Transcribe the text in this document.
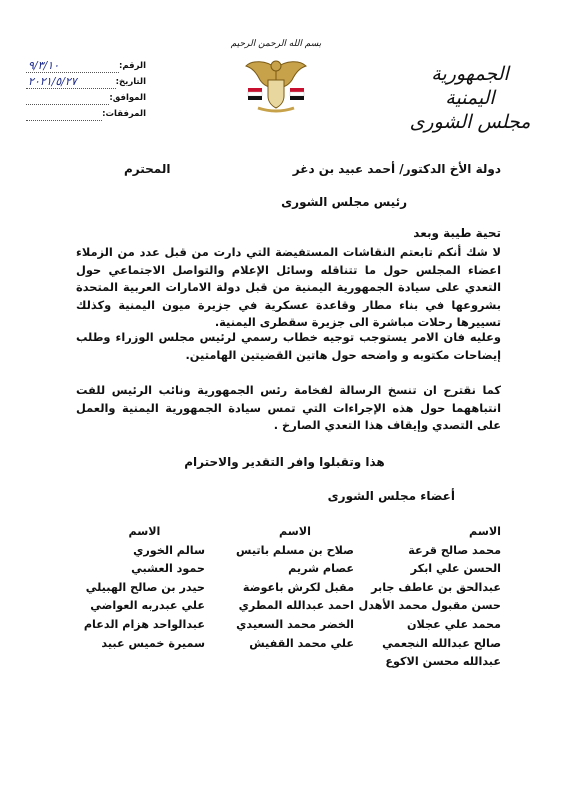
الجمهورية اليمنية
مجلس الشورى
بسم الله الرحمن الرحيم
الرقم:
٩/٣/١٠
التاريخ:
٢٠٢١/٥/٢٧
الموافق:
المرفقات:
دولة الأخ الدكتور/ أحمد عبيد بن دغر
المحترم
رئيس مجلس الشورى
تحية طيبة وبعد
لا شك أنكم تابعتم النقاشات المستفيضة التي دارت من قبل عدد من الزملاء اعضاء المجلس حول ما تتناقله وسائل الإعلام والتواصل الاجتماعي حول التعدي على سيادة الجمهورية اليمنية من قبل دولة الامارات العربية المتحدة بشروعها في بناء مطار وقاعدة عسكرية في جزيرة ميون اليمنية وكذلك تسييرها رحلات مباشرة الى جزيرة سقطرى اليمنية.
وعليه فان الامر يستوجب توجيه خطاب رسمي لرئيس مجلس الوزراء وطلب إيضاحات مكتوبه و واضحه حول هاتين القضيتين الهامتين.
كما نقترح ان تنسخ الرسالة لفخامة رئس الجمهورية ونائب الرئيس للفت انتباههما حول هذه الإجراءات التي تمس سيادة الجمهورية اليمنية والعمل على التصدي وإيقاف هذا التعدي الصارخ .
هذا وتقبلوا وافر التقدير والاحترام
أعضاء مجلس الشورى
الاسم
محمد صالح قرعة
الحسن علي ابكر
عبدالحق بن عاطف جابر
حسن مقبول محمد الأهدل
محمد علي عجلان
صالح عبدالله النجعمي
عبدالله محسن الاكوع
الاسم
صلاح بن مسلم باتيس
عصام شريم
مقبل لكرش باعوضة
احمد عبدالله المطري
الخضر محمد السعيدي
علي محمد القفيش
الاسم
سالم الخوري
حمود العشبي
حيدر بن صالح الهبيلي
علي عبدربه العواضي
عبدالواحد هزام الدعام
سميرة خميس عبيد
